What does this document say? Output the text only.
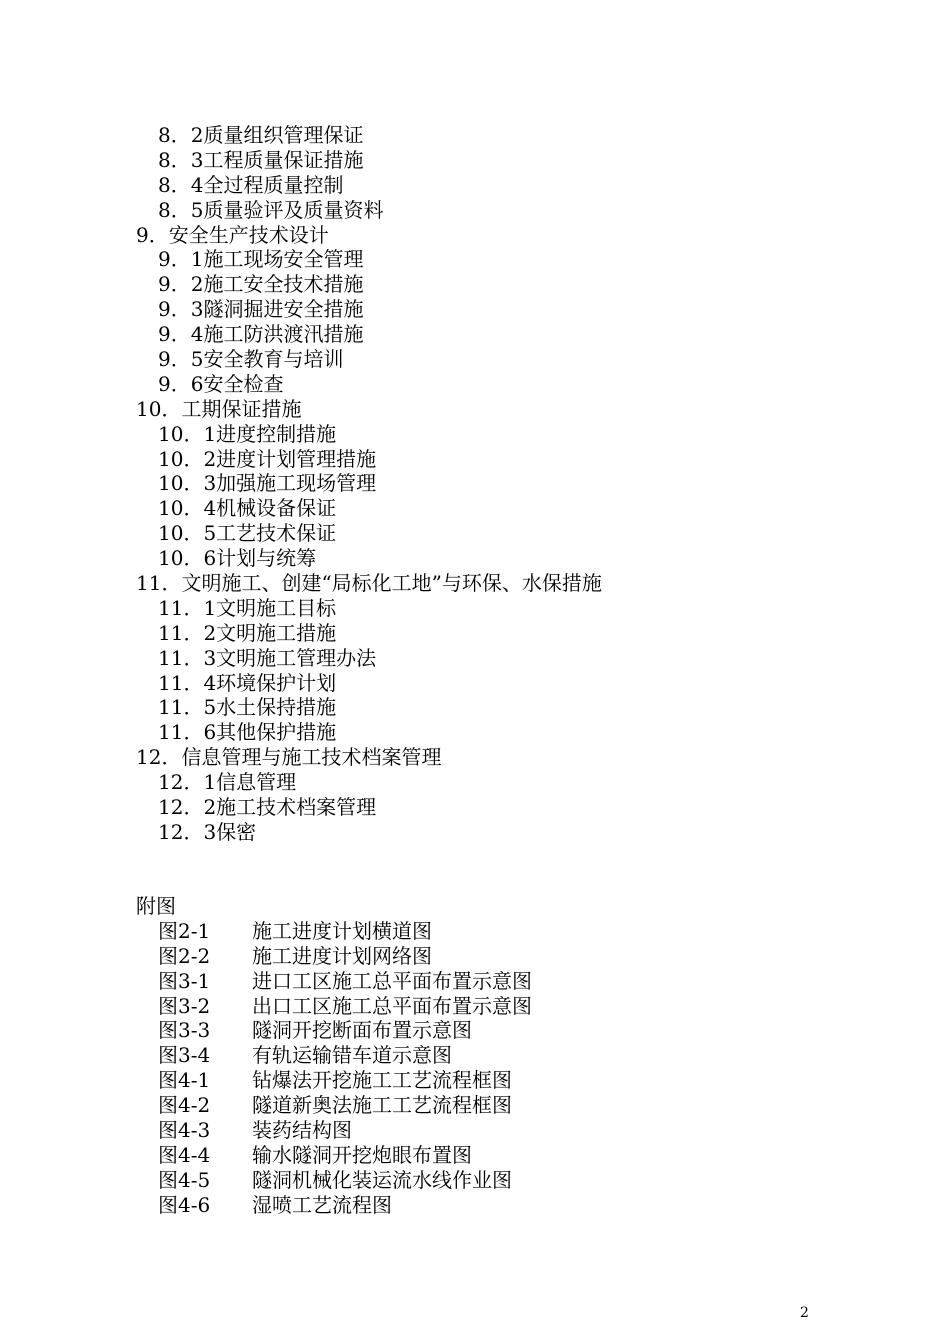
8．2质量组织管理保证
8．3工程质量保证措施
8．4全过程质量控制
8．5质量验评及质量资料
9．安全生产技术设计
9．1施工现场安全管理
9．2施工安全技术措施
9．3隧洞掘进安全措施
9．4施工防洪渡汛措施
9．5安全教育与培训
9．6安全检查
10．工期保证措施
10．1进度控制措施
10．2进度计划管理措施
10．3加强施工现场管理
10．4机械设备保证
10．5工艺技术保证
10．6计划与统筹
11．文明施工、创建“局标化工地”与环保、水保措施
11．1文明施工目标
11．2文明施工措施
11．3文明施工管理办法
11．4环境保护计划
11．5水土保持措施
11．6其他保护措施
12．信息管理与施工技术档案管理
12．1信息管理
12．2施工技术档案管理
12．3保密
附图
图2-1	施工进度计划横道图
图2-2	施工进度计划网络图
图3-1	进口工区施工总平面布置示意图
图3-2	出口工区施工总平面布置示意图
图3-3	隧洞开挖断面布置示意图
图3-4	有轨运输错车道示意图
图4-1	钻爆法开挖施工工艺流程框图
图4-2	隧道新奥法施工工艺流程框图
图4-3	装药结构图
图4-4	输水隧洞开挖炮眼布置图
图4-5	隧洞机械化装运流水线作业图
图4-6	湿喷工艺流程图
2
